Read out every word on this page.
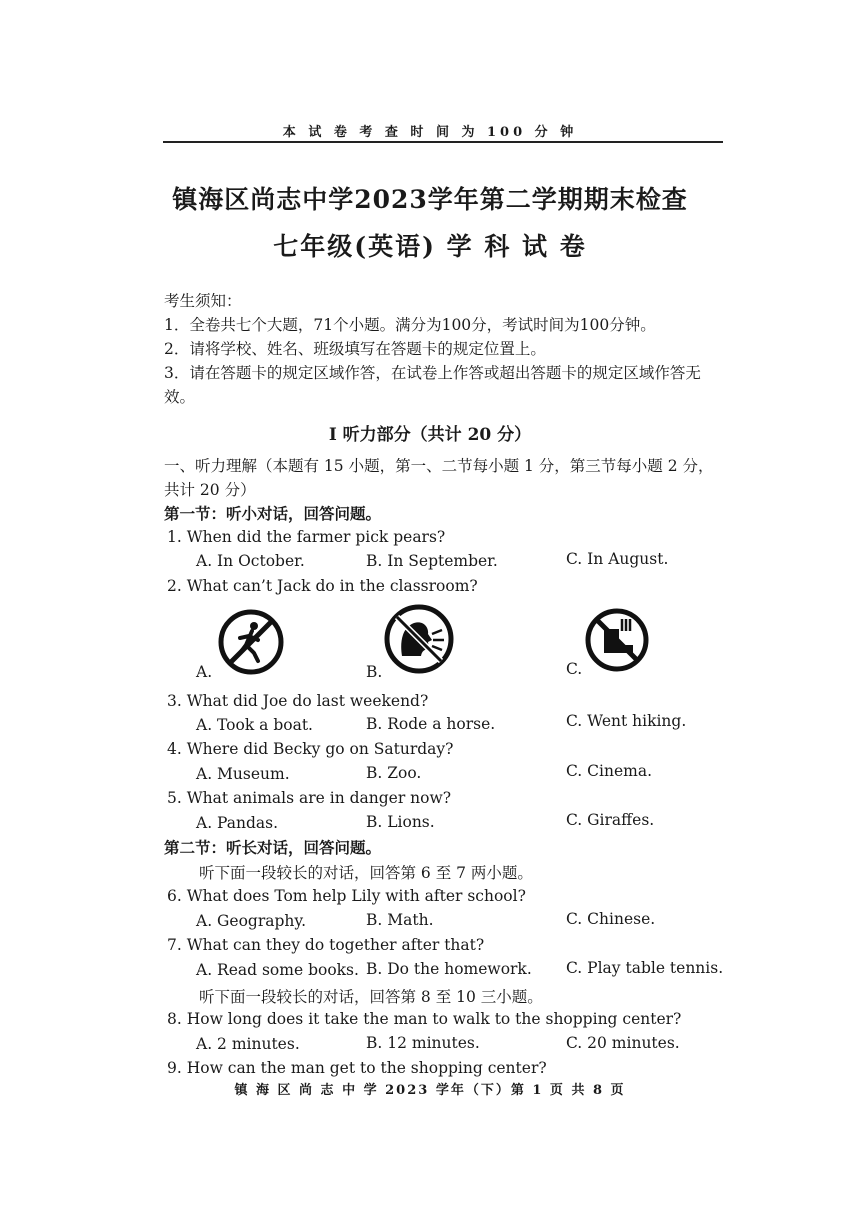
本 试 卷 考 查 时 间 为 100 分 钟
镇海区尚志中学2023学年第二学期期末检查
七年级(英语) 学 科 试 卷
考生须知：
1．全卷共七个大题，71个小题。满分为100分，考试时间为100分钟。
2．请将学校、姓名、班级填写在答题卡的规定位置上。
3．请在答题卡的规定区域作答，在试卷上作答或超出答题卡的规定区域作答无
效。
I 听力部分（共计 20 分）
一、听力理解（本题有 15 小题，第一、二节每小题 1 分，第三节每小题 2 分，
共计 20 分）
第一节：听小对话，回答问题。
1. When did the farmer pick pears?
A. In October.	B. In September.	C. In August.
2. What can’t Jack do in the classroom?
A.	B.	C.
3. What did Joe do last weekend?
A. Took a boat.	B. Rode a horse.	C. Went hiking.
4. Where did Becky go on Saturday?
A. Museum.	B. Zoo.	C. Cinema.
5. What animals are in danger now?
A. Pandas.	B. Lions.	C. Giraffes.
第二节：听长对话，回答问题。
听下面一段较长的对话，回答第 6 至 7 两小题。
6. What does Tom help Lily with after school?
A. Geography.	B. Math.	C. Chinese.
7. What can they do together after that?
A. Read some books. B. Do the homework. C. Play table tennis.
听下面一段较长的对话，回答第 8 至 10 三小题。
8. How long does it take the man to walk to the shopping center?
A. 2 minutes.	B. 12 minutes.	C. 20 minutes.
9. How can the man get to the shopping center?
镇 海 区 尚 志 中 学 2023 学年（下）第 1 页 共 8 页
